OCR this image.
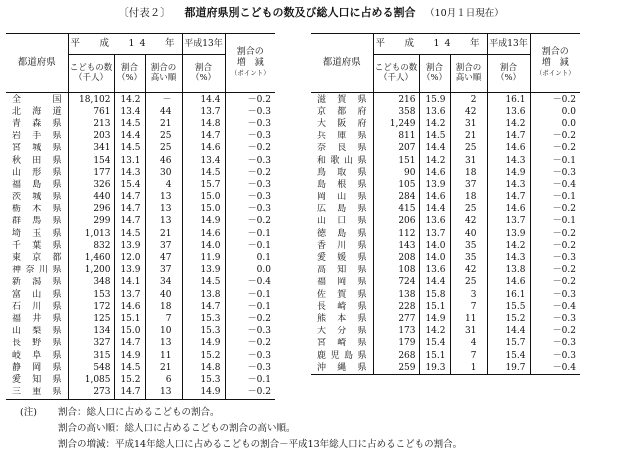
〔付表２〕 都道府県別こどもの数及び総人口に占める割合 （10月１日現在）
都道府県	平　成　14　年			平成13年	割合の
増　減
（ポイント）
	こどもの数
（千人）	割合
（%）	割合の
高い順	割合
（%）	
全国	18,102	14.2	－	14.4	－0.2
北海道	761	13.4	44	13.7	－0.3
青森県	213	14.5	21	14.8	－0.3
岩手県	203	14.4	25	14.7	－0.3
宮城県	341	14.5	25	14.6	－0.2
秋田県	154	13.1	46	13.4	－0.3
山形県	177	14.3	30	14.5	－0.2
福島県	326	15.4	4	15.7	－0.3
茨城県	440	14.7	13	15.0	－0.3
栃木県	296	14.7	13	15.0	－0.3
群馬県	299	14.7	13	14.9	－0.2
埼玉県	1,013	14.5	21	14.6	－0.1
千葉県	832	13.9	37	14.0	－0.1
東京都	1,460	12.0	47	11.9	0.1
神奈川県	1,200	13.9	37	13.9	0.0
新潟県	348	14.1	34	14.5	－0.4
富山県	153	13.7	40	13.8	－0.1
石川県	172	14.6	18	14.7	－0.1
福井県	125	15.1	7	15.3	－0.2
山梨県	134	15.0	10	15.3	－0.3
長野県	327	14.7	13	14.9	－0.2
岐阜県	315	14.9	11	15.2	－0.3
静岡県	548	14.5	21	14.8	－0.3
愛知県	1,085	15.2	6	15.3	－0.1
三重県	273	14.7	13	14.9	－0.2
都道府県	平　成　14　年			平成13年	割合の
増　減
（ポイント）
	こどもの数
（千人）	割合
（%）	割合の
高い順	割合
（%）	
滋賀県	216	15.9	2	16.1	－0.2
京都府	358	13.6	42	13.6	0.0
大阪府	1,249	14.2	31	14.2	0.0
兵庫県	811	14.5	21	14.7	－0.2
奈良県	207	14.4	25	14.6	－0.2
和歌山県	151	14.2	31	14.3	－0.1
鳥取県	90	14.6	18	14.9	－0.3
島根県	105	13.9	37	14.3	－0.4
岡山県	284	14.6	18	14.7	－0.1
広島県	415	14.4	25	14.6	－0.2
山口県	206	13.6	42	13.7	－0.1
徳島県	112	13.7	40	13.9	－0.2
香川県	143	14.0	35	14.2	－0.2
愛媛県	208	14.0	35	14.3	－0.3
高知県	108	13.6	42	13.8	－0.2
福岡県	724	14.4	25	14.6	－0.2
佐賀県	138	15.8	3	16.1	－0.3
長崎県	228	15.1	7	15.5	－0.4
熊本県	277	14.9	11	15.2	－0.3
大分県	173	14.2	31	14.4	－0.2
宮崎県	179	15.4	4	15.7	－0.3
鹿児島県	268	15.1	7	15.4	－0.3
沖縄県	259	19.3	1	19.7	－0.4
(注) 割合：総人口に占めるこどもの割合。
割合の高い順：総人口に占めるこどもの割合の高い順。
割合の増減：平成14年総人口に占めるこどもの割合－平成13年総人口に占めるこどもの割合。
